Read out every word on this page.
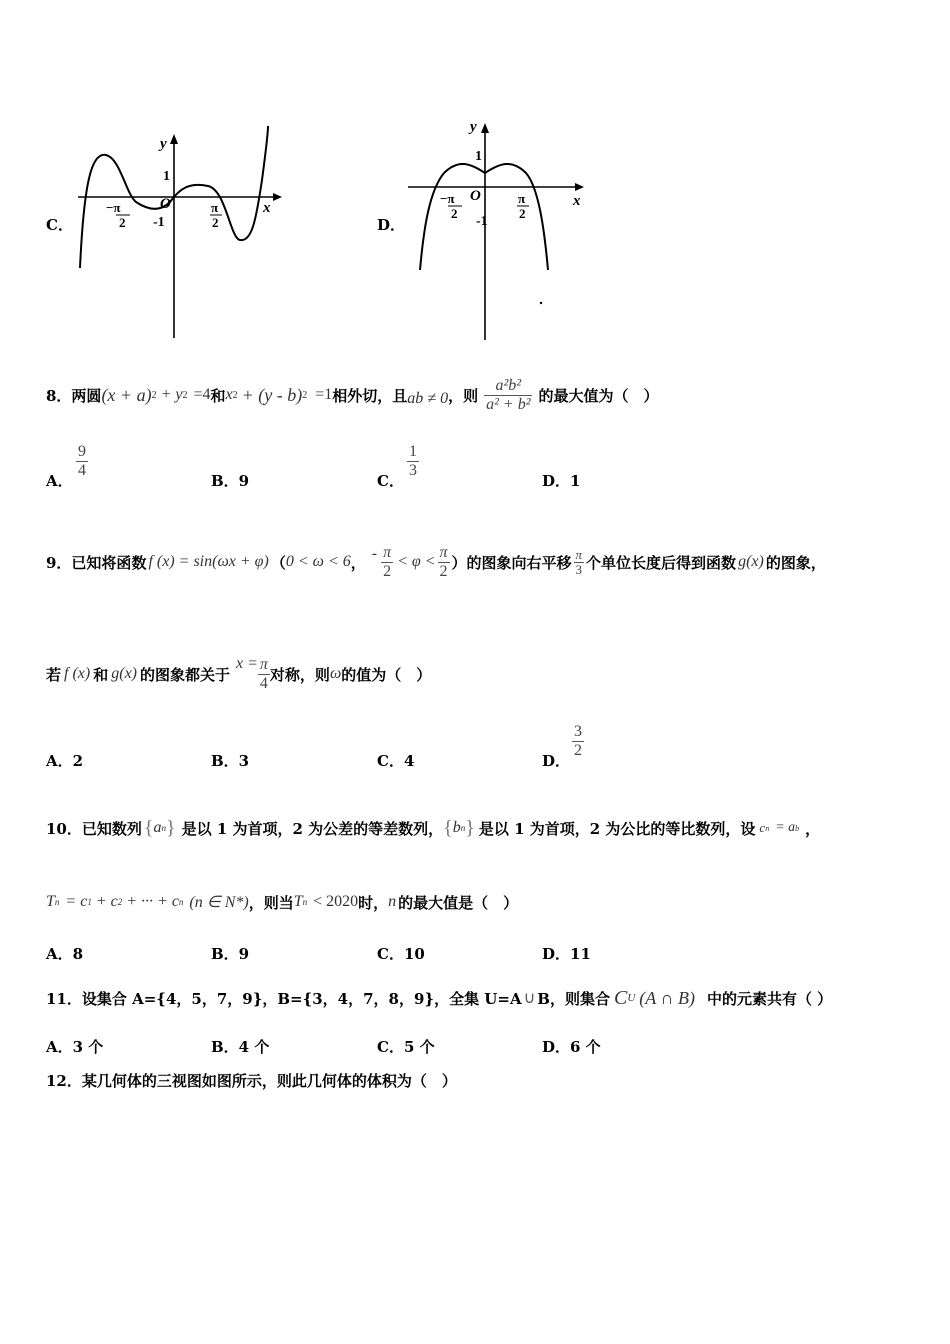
C．
y
x
1
-1
O
−π
2
π
2	D．
y
x
1
-1
O
−π
2
π
2
8．两圆 (x + a) 2 + y 2 =4 和 x 2 + (y - b) 2 =1 相外切，且 ab ≠ 0 ，则 $\frac{\text{a²b²}}{\text{a² + b²}}$ 的最大值为（　）
A．
$\frac{9}{4}$
B．9	C．
$\frac{1}{3}$
D．1
9．已知将函数 f (x) = sin(ωx + φ) （ 0 < ω < 6 ， - $\frac{\pi}{2} < \varphi < \frac{\pi}{2}$ ）的图象向右平移 $\frac{\pi}{3}$ 个单位长度后得到函数 g(x) 的图象，
若 f (x) 和 g(x) 的图象都关于
$x = \frac{\pi}{4}$ 对称，则 ω 的值为（　）
A．2	B．3	C．4	D．
$\frac{3}{2}$
10．已知数列 { a n } 是以 1 为首项，2 为公差的等差数列， { b n } 是以 1 为首项，2 为公比的等比数列，设 c n = a b ，
T n = c 1 + c 2 + ··· + c n (n ∈ N*) ，则当 T n < 2020 时， n 的最大值是（　）
A．8	B．9	C．10	D．11
11．设集合 A={4，5，7，9}，B={3，4，7，8，9}，全集 U=A ∪ B，则集合 C U (A ∩ B) 中的元素共有（ ）
A．3 个	B．4 个	C．5 个	D．6 个
12．某几何体的三视图如图所示，则此几何体的体积为（　）
